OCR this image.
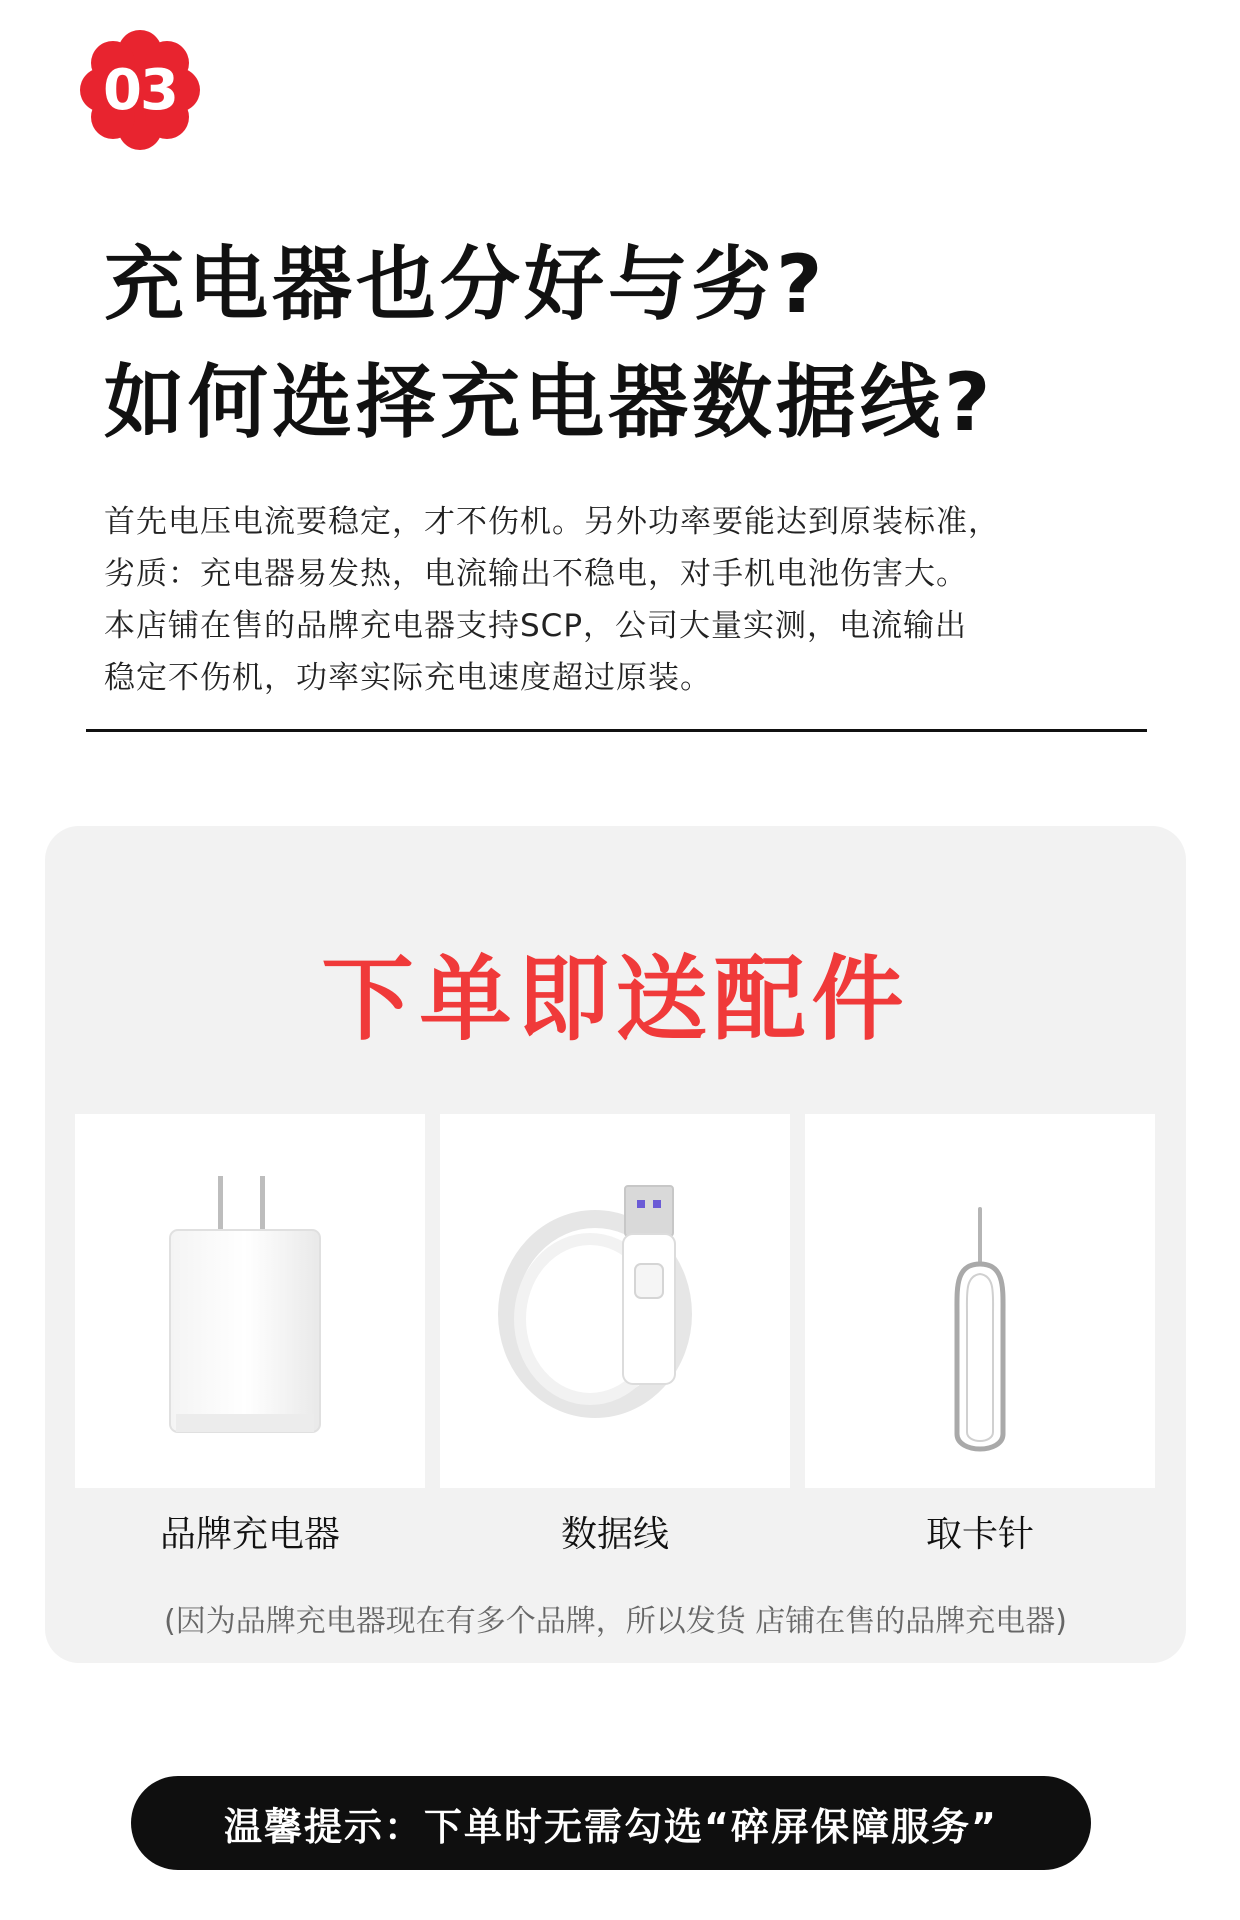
03
充电器也分好与劣?
如何选择充电器数据线?
首先电压电流要稳定，才不伤机。另外功率要能达到原装标准，
劣质：充电器易发热，电流输出不稳电，对手机电池伤害大。
本店铺在售的品牌充电器支持SCP，公司大量实测，电流输出
稳定不伤机，功率实际充电速度超过原装。
下单即送配件
品牌充电器	数据线	取卡针
(因为品牌充电器现在有多个品牌，所以发货 店铺在售的品牌充电器)
温馨提示：下单时无需勾选“碎屏保障服务”
